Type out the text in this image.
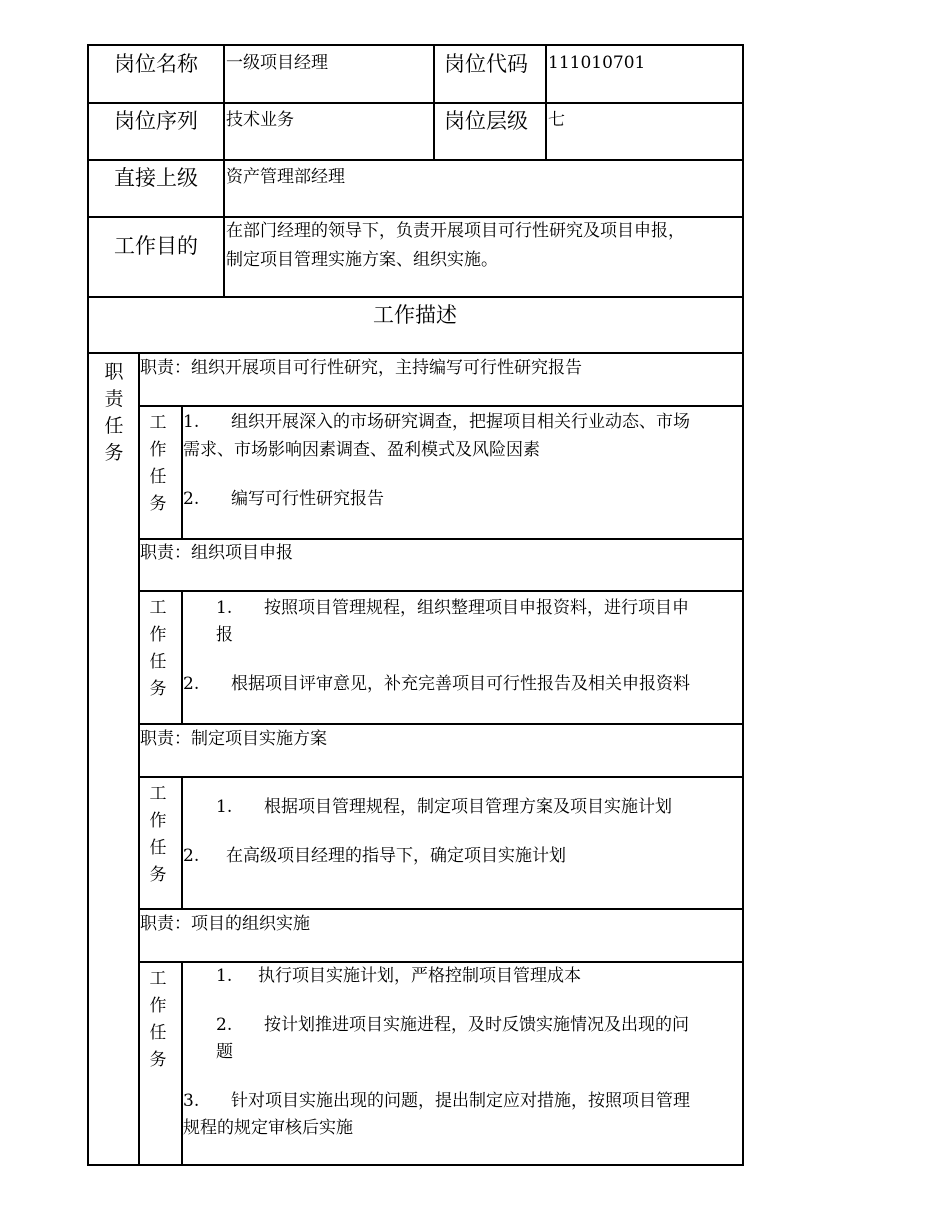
岗位名称 一级项目经理	岗位代码 111010701
岗位序列 技术业务	岗位层级 七
直接上级 资产管理部经理
工作目的
在部门经理的领导下，负责开展项目可行性研究及项目申报，
制定项目管理实施方案、组织实施。
工作描述
职
责
任
务
职责：组织开展项目可行性研究，主持编写可行性研究报告
工
作
任
务
1. 组织开展深入的市场研究调查，把握项目相关行业动态、市场
需求、市场影响因素调查、盈利模式及风险因素
2. 编写可行性研究报告
职责：组织项目申报
工
作
任
务
1. 按照项目管理规程，组织整理项目申报资料，进行项目申
报
2. 根据项目评审意见，补充完善项目可行性报告及相关申报资料
职责：制定项目实施方案
工
作
任
务
1. 根据项目管理规程，制定项目管理方案及项目实施计划
2. 在高级项目经理的指导下，确定项目实施计划
职责：项目的组织实施
工
作
任
务
1. 执行项目实施计划，严格控制项目管理成本
2. 按计划推进项目实施进程，及时反馈实施情况及出现的问
题
3. 针对项目实施出现的问题，提出制定应对措施，按照项目管理
规程的规定审核后实施
